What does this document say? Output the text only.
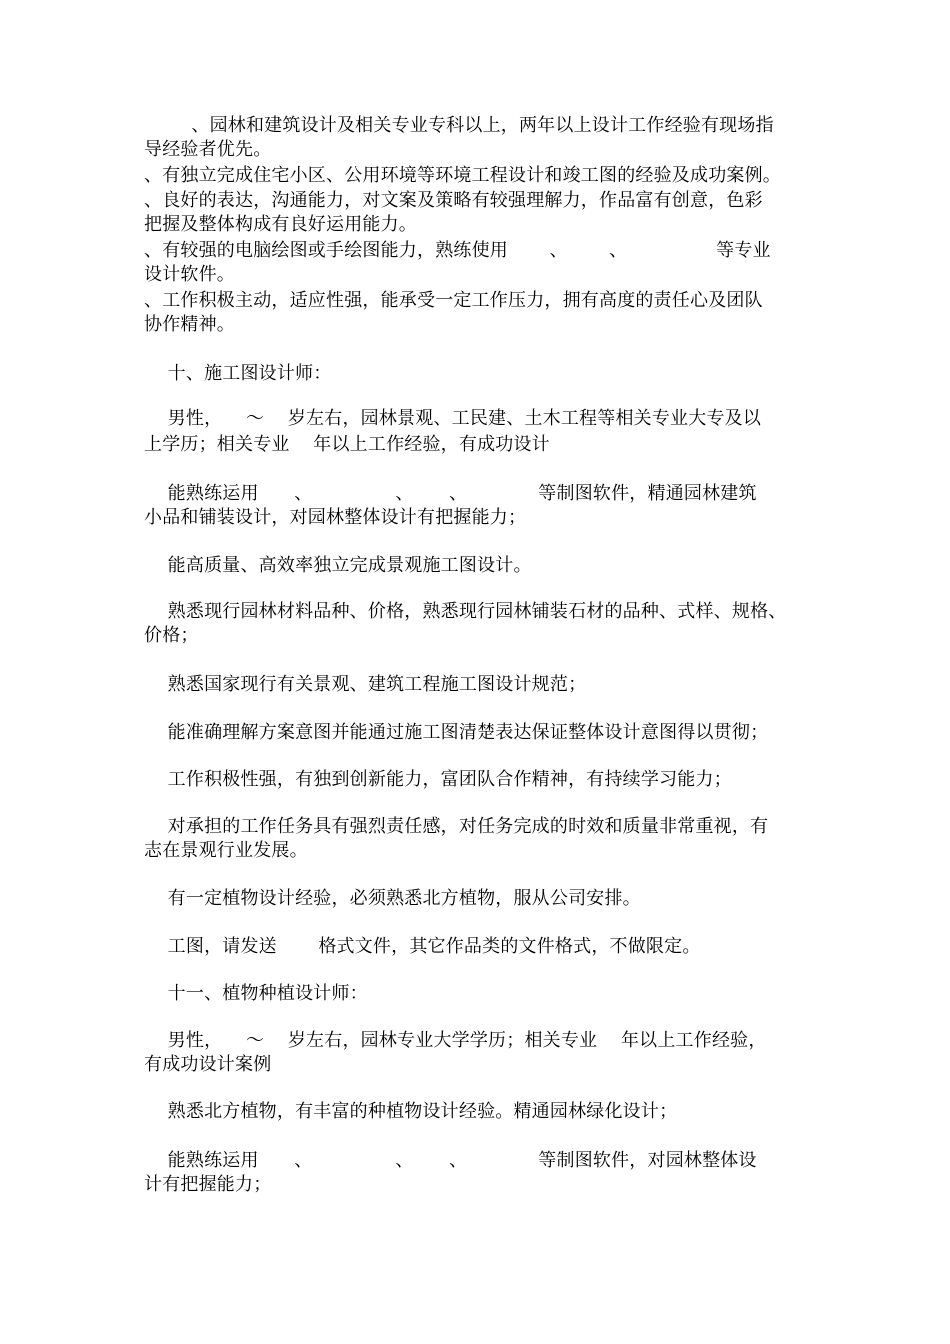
、园林和建筑设计及相关专业专科以上，两年以上设计工作经验有现场指
导经验者优先。
、有独立完成住宅小区、公用环境等环境工程设计和竣工图的经验及成功案例。
、良好的表达，沟通能力，对文案及策略有较强理解力，作品富有创意，色彩
把握及整体构成有良好运用能力。
、有较强的电脑绘图或手绘图能力，熟练使用       、       、               等专业
设计软件。
、工作积极主动，适应性强，能承受一定工作压力，拥有高度的责任心及团队
协作精神。
十、施工图设计师：
男性，    ～    岁左右，园林景观、工民建、土木工程等相关专业大专及以
上学历；相关专业    年以上工作经验，有成功设计
能熟练运用      、              、      、            等制图软件，精通园林建筑
小品和铺装设计，对园林整体设计有把握能力；
能高质量、高效率独立完成景观施工图设计。
熟悉现行园林材料品种、价格，熟悉现行园林铺装石材的品种、式样、规格、
价格；
熟悉国家现行有关景观、建筑工程施工图设计规范；
能准确理解方案意图并能通过施工图清楚表达保证整体设计意图得以贯彻；
工作积极性强，有独到创新能力，富团队合作精神，有持续学习能力；
对承担的工作任务具有强烈责任感，对任务完成的时效和质量非常重视，有
志在景观行业发展。
有一定植物设计经验，必须熟悉北方植物，服从公司安排。
工图，请发送       格式文件，其它作品类的文件格式，不做限定。
十一、植物种植设计师：
男性，    ～    岁左右，园林专业大学学历；相关专业    年以上工作经验，
有成功设计案例
熟悉北方植物，有丰富的种植物设计经验。精通园林绿化设计；
能熟练运用      、              、      、            等制图软件，对园林整体设
计有把握能力；
